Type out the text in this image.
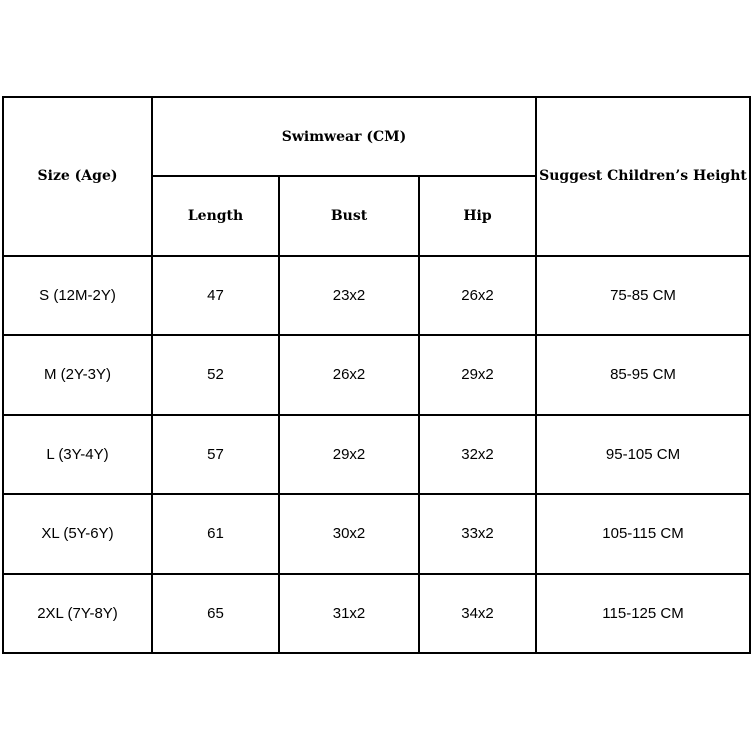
Size (Age)	Swimwear (CM)			Suggest Children’s Height
	Length	Bust	Hip	
S (12M-2Y)	47	23x2	26x2	75-85 CM
M (2Y-3Y)	52	26x2	29x2	85-95 CM
L (3Y-4Y)	57	29x2	32x2	95-105 CM
XL (5Y-6Y)	61	30x2	33x2	105-115 CM
2XL (7Y-8Y)	65	31x2	34x2	115-125 CM
